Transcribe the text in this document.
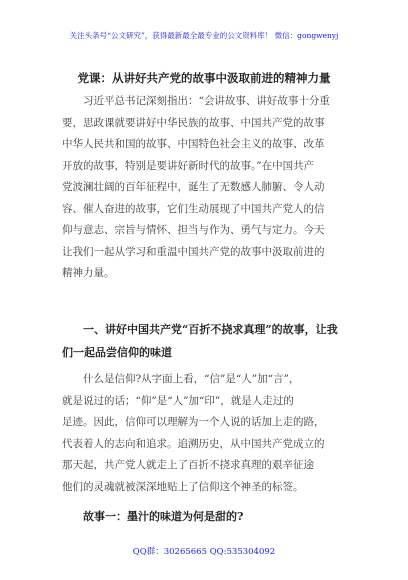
关注头条号“公文研究”，获得最新最全最专业的公文资料库！ 微信：gongwenyj
党课：从讲好共产党的故事中汲取前进的精神力量
习近平总书记深刻指出：“会讲故事、讲好故事十分重
要，思政课就要讲好中华民族的故事、中国共产党的故事
中华人民共和国的故事、中国特色社会主义的故事、改革
开放的故事，特别是要讲好新时代的故事。”在中国共产
党波澜壮阔的百年征程中，诞生了无数感人肺腑、令人动
容、催人奋进的故事，它们生动展现了中国共产党人的信
仰与意志、宗旨与情怀、担当与作为、勇气与定力。今天
让我们一起从学习和重温中国共产党的故事中汲取前进的
精神力量。
一、讲好中国共产党“百折不挠求真理”的故事，让我
们一起品尝信仰的味道
什么是信仰?从字面上看，“信”是“人”加“言”，
就是说过的话；“仰”是“人”加“印”，就是人走过的
足迹。因此，信仰可以理解为一个人说的话加上走的路，
代表着人的志向和追求。追溯历史，从中国共产党成立的
那天起，共产党人就走上了百折不挠求真理的艰辛征途
他们的灵魂就被深深地贴上了信仰这个神圣的标签。
故事一：墨汁的味道为何是甜的?
QQ群：30265665 QQ:535304092
